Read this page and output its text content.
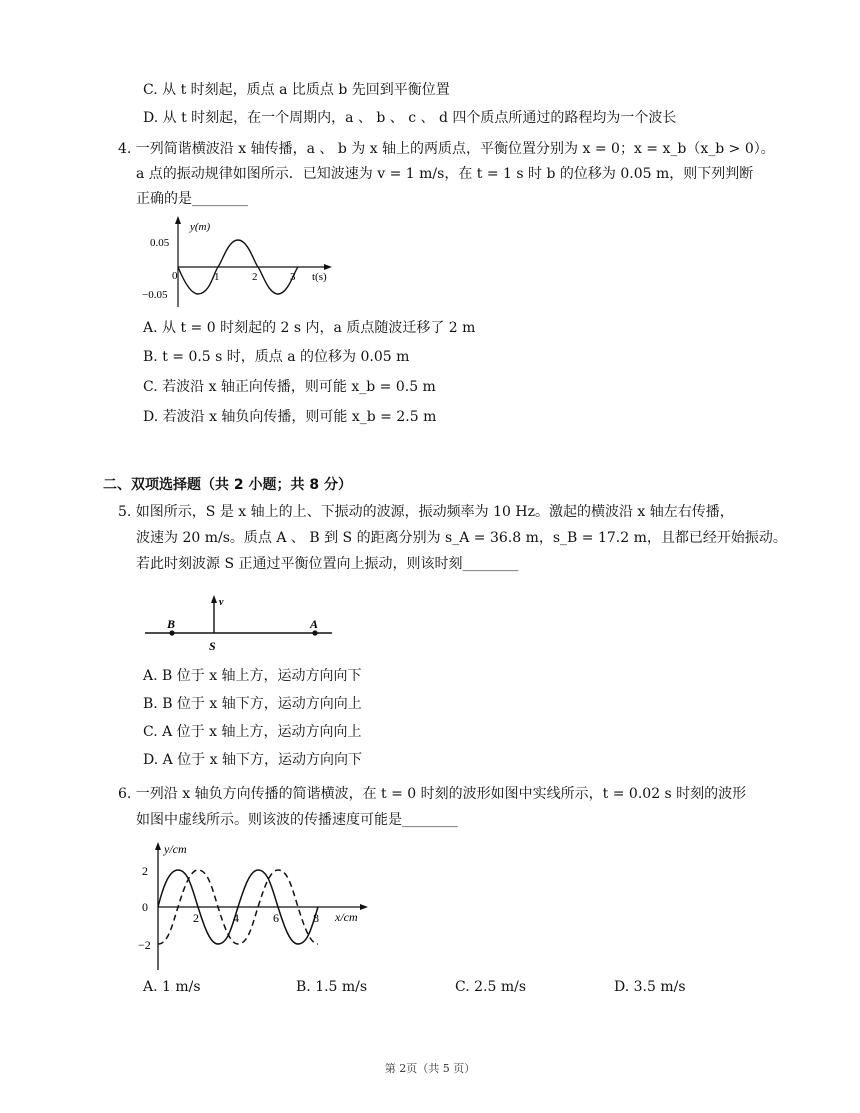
C. 从 t 时刻起，质点 a 比质点 b 先回到平衡位置
D. 从 t 时刻起，在一个周期内，a 、 b 、 c 、 d 四个质点所通过的路程均为一个波长
4. 一列简谐横波沿 x 轴传播，a 、 b 为 x 轴上的两质点，平衡位置分别为 x = 0；x = x_b（x_b > 0）。
a 点的振动规律如图所示．已知波速为 v = 1 m/s，在 t = 1 s 时 b 的位移为 0.05 m，则下列判断
正确的是________
y(m)
t(s)
0.05
−0.05
0	1	2	3
A. 从 t = 0 时刻起的 2 s 内，a 质点随波迁移了 2 m
B. t = 0.5 s 时，质点 a 的位移为 0.05 m
C. 若波沿 x 轴正向传播，则可能 x_b = 0.5 m
D. 若波沿 x 轴负向传播，则可能 x_b = 2.5 m
二、双项选择题（共 2 小题；共 8 分）
5. 如图所示，S 是 x 轴上的上、下振动的波源，振动频率为 10 Hz。激起的横波沿 x 轴左右传播，
波速为 20 m/s。质点 A 、 B 到 S 的距离分别为 s_A = 36.8 m，s_B = 17.2 m，且都已经开始振动。
若此时刻波源 S 正通过平衡位置向上振动，则该时刻________
B	A
S
v
A. B 位于 x 轴上方，运动方向向下
B. B 位于 x 轴下方，运动方向向上
C. A 位于 x 轴上方，运动方向向上
D. A 位于 x 轴下方，运动方向向下
6. 一列沿 x 轴负方向传播的简谐横波，在 t = 0 时刻的波形如图中实线所示，t = 0.02 s 时刻的波形
如图中虚线所示。则该波的传播速度可能是________
y/cm
x/cm
2
0
−2
2	4	6	8
A. 1 m/s	B. 1.5 m/s	C. 2.5 m/s	D. 3.5 m/s
第 2页（共 5 页）
